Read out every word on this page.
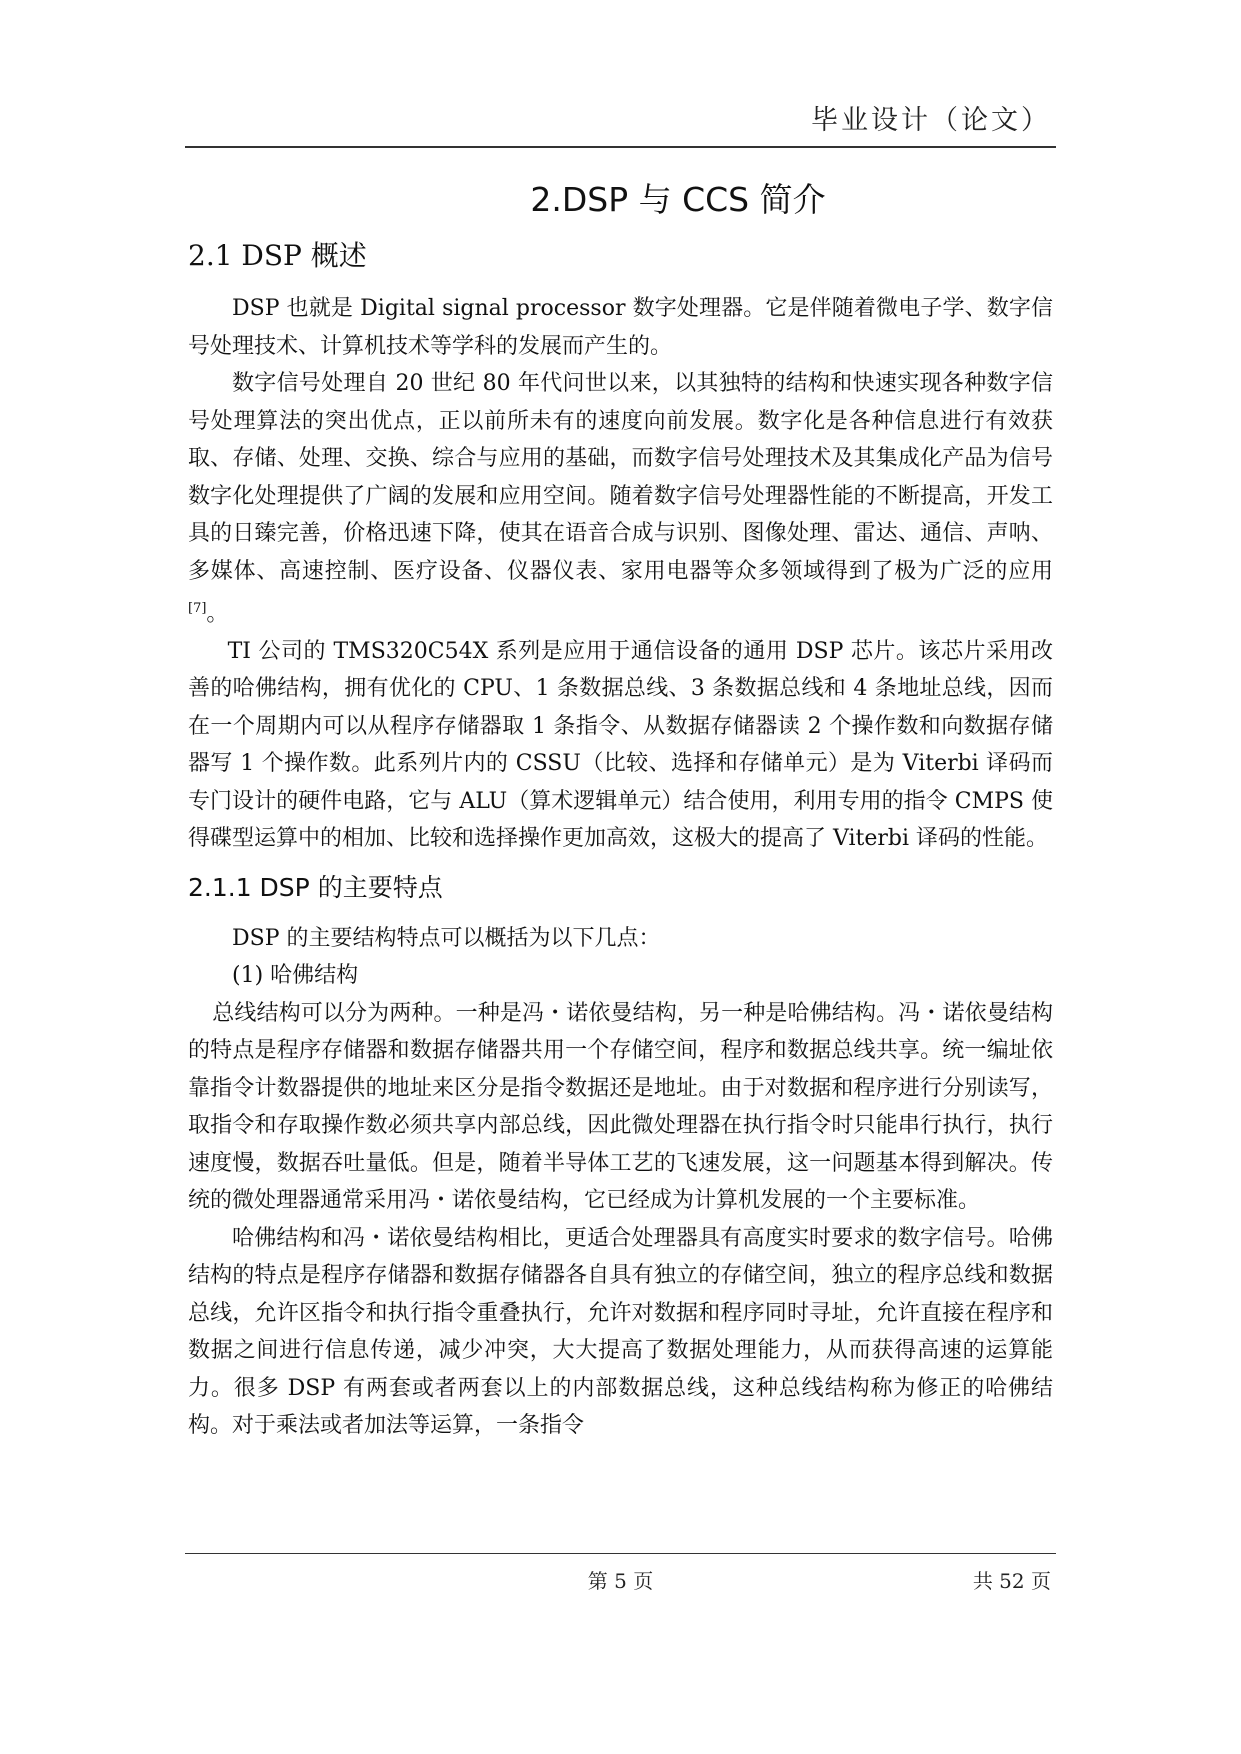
毕业设计（论文）
2.DSP 与 CCS 简介
2.1 DSP 概述

DSP 也就是 Digital signal processor 数字处理器。它是伴随着微电子学、数字信号处理技术、计算机技术等学科的发展而产生的。

数字信号处理自 20 世纪 80 年代问世以来，以其独特的结构和快速实现各种数字信号处理算法的突出优点，正以前所未有的速度向前发展。数字化是各种信息进行有效获取、存储、处理、交换、综合与应用的基础，而数字信号处理技术及其集成化产品为信号数字化处理提供了广阔的发展和应用空间。随着数字信号处理器性能的不断提高，开发工具的日臻完善，价格迅速下降，使其在语音合成与识别、图像处理、雷达、通信、声呐、多媒体、高速控制、医疗设备、仪器仪表、家用电器等众多领域得到了极为广泛的应用[7]。

TI 公司的 TMS320C54X 系列是应用于通信设备的通用 DSP 芯片。该芯片采用改善的哈佛结构，拥有优化的 CPU、1 条数据总线、3 条数据总线和 4 条地址总线，因而在一个周期内可以从程序存储器取 1 条指令、从数据存储器读 2 个操作数和向数据存储器写 1 个操作数。此系列片内的 CSSU（比较、选择和存储单元）是为 Viterbi 译码而专门设计的硬件电路，它与 ALU（算术逻辑单元）结合使用，利用专用的指令 CMPS 使得碟型运算中的相加、比较和选择操作更加高效，这极大的提高了 Viterbi 译码的性能。

2.1.1 DSP 的主要特点

DSP 的主要结构特点可以概括为以下几点：

(1) 哈佛结构

总线结构可以分为两种。一种是冯・诺依曼结构，另一种是哈佛结构。冯・诺依曼结构的特点是程序存储器和数据存储器共用一个存储空间，程序和数据总线共享。统一编址依靠指令计数器提供的地址来区分是指令数据还是地址。由于对数据和程序进行分别读写，取指令和存取操作数必须共享内部总线，因此微处理器在执行指令时只能串行执行，执行速度慢，数据吞吐量低。但是，随着半导体工艺的飞速发展，这一问题基本得到解决。传统的微处理器通常采用冯・诺依曼结构，它已经成为计算机发展的一个主要标准。

哈佛结构和冯・诺依曼结构相比，更适合处理器具有高度实时要求的数字信号。哈佛结构的特点是程序存储器和数据存储器各自具有独立的存储空间，独立的程序总线和数据总线，允许区指令和执行指令重叠执行，允许对数据和程序同时寻址，允许直接在程序和数据之间进行信息传递，减少冲突，大大提高了数据处理能力，从而获得高速的运算能力。很多 DSP 有两套或者两套以上的内部数据总线，这种总线结构称为修正的哈佛结构。对于乘法或者加法等运算，一条指令

第 5 页	共 52 页
